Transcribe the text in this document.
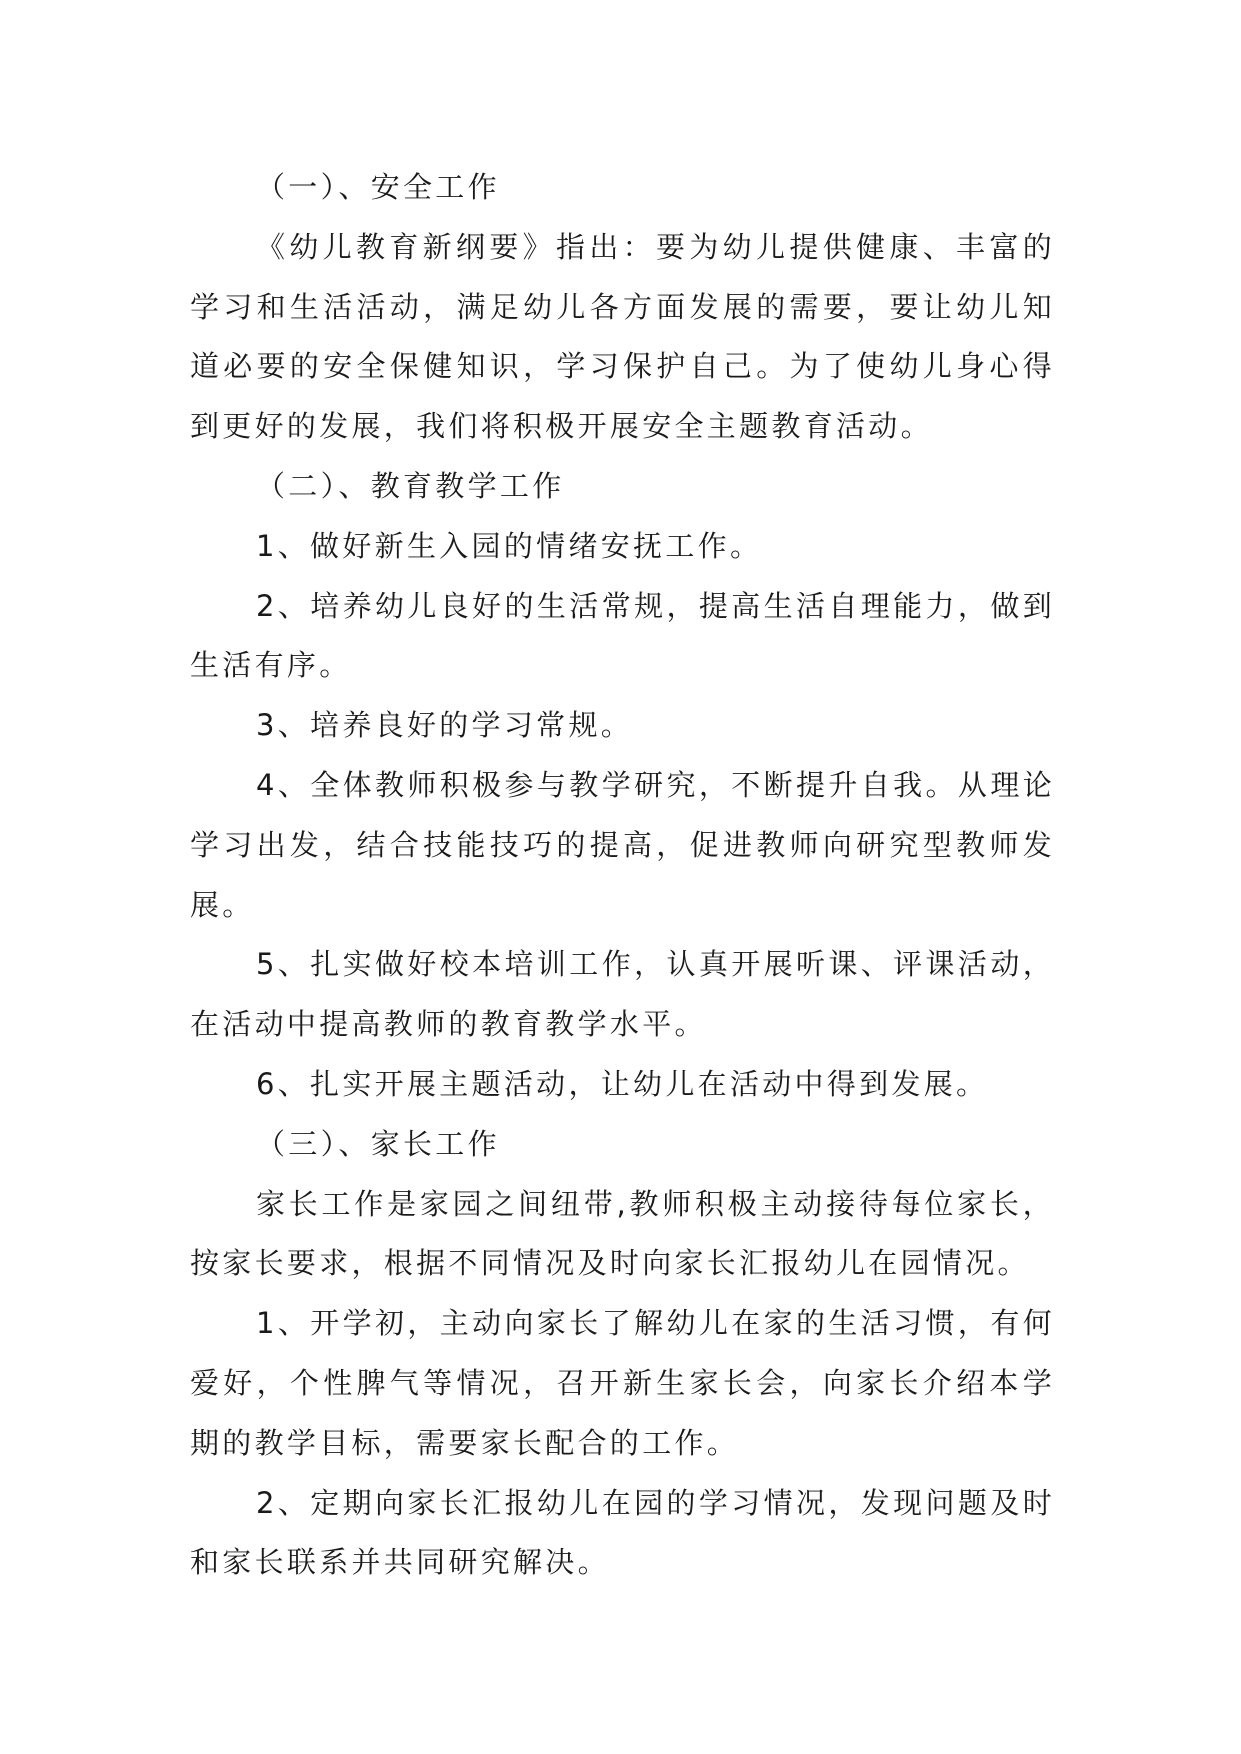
（一）、安全工作

《幼儿教育新纲要》指出：要为幼儿提供健康、丰富的学习和生活活动，满足幼儿各方面发展的需要，要让幼儿知道必要的安全保健知识，学习保护自己。为了使幼儿身心得到更好的发展，我们将积极开展安全主题教育活动。

（二）、教育教学工作

1、做好新生入园的情绪安抚工作。

2、培养幼儿良好的生活常规，提高生活自理能力，做到生活有序。

3、培养良好的学习常规。

4、全体教师积极参与教学研究，不断提升自我。从理论学习出发，结合技能技巧的提高，促进教师向研究型教师发展。

5、扎实做好校本培训工作，认真开展听课、评课活动，在活动中提高教师的教育教学水平。

6、扎实开展主题活动，让幼儿在活动中得到发展。

（三）、家长工作

家长工作是家园之间纽带,教师积极主动接待每位家长，按家长要求，根据不同情况及时向家长汇报幼儿在园情况。

1、开学初，主动向家长了解幼儿在家的生活习惯，有何爱好，个性脾气等情况，召开新生家长会，向家长介绍本学期的教学目标，需要家长配合的工作。

2、定期向家长汇报幼儿在园的学习情况，发现问题及时和家长联系并共同研究解决。
